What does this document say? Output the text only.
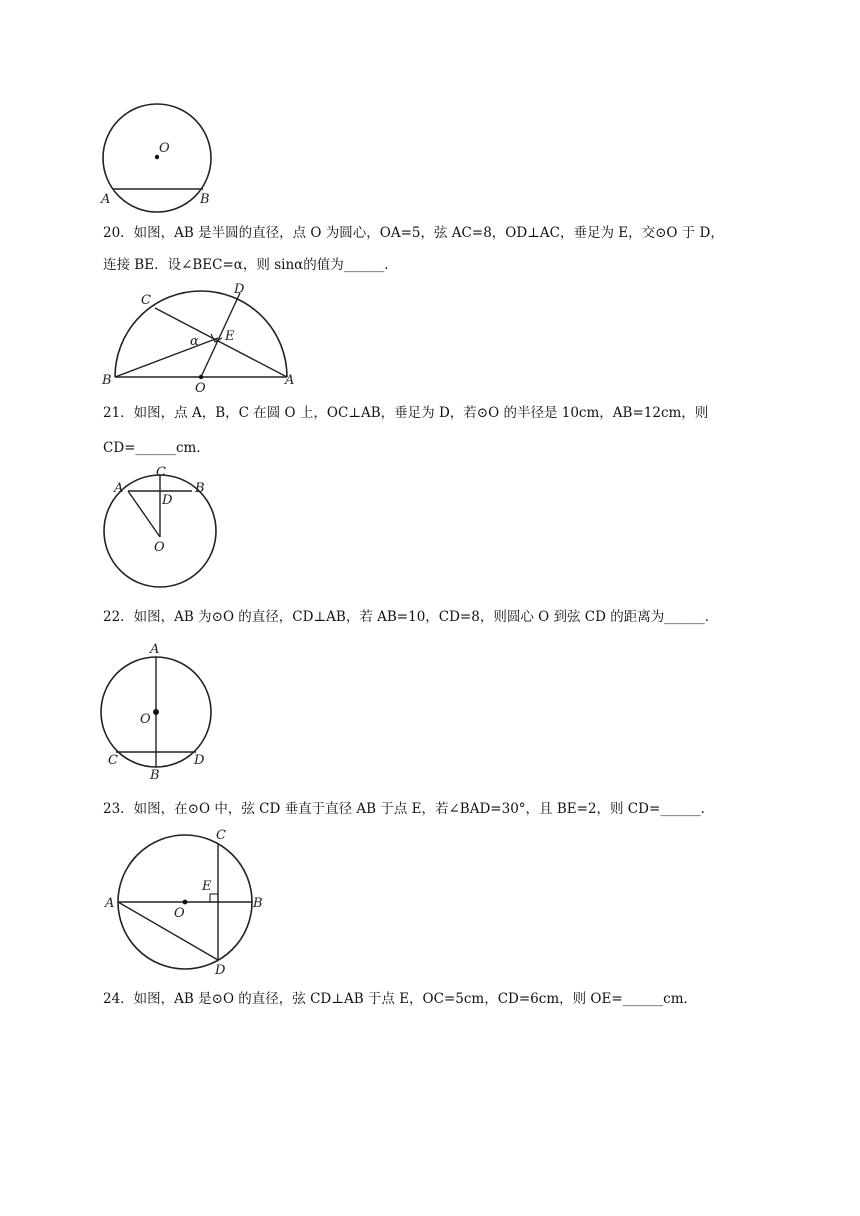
O
A	B
20．如图，AB 是半圆的直径，点 O 为圆心，OA=5，弦 AC=8，OD⊥AC，垂足为 E，交⊙O 于 D，
连接 BE．设∠BEC=α，则 sinα的值为______．
C
D
E
α
B
O
A
21．如图，点 A，B，C 在圆 O 上，OC⊥AB，垂足为 D，若⊙O 的半径是 10cm，AB=12cm，则
CD=______cm．
A
C
B
D
O
22．如图，AB 为⊙O 的直径，CD⊥AB，若 AB=10，CD=8，则圆心 O 到弦 CD 的距离为______．
A
O
C
B
D
23．如图，在⊙O 中，弦 CD 垂直于直径 AB 于点 E，若∠BAD=30°，且 BE=2，则 CD=______．
C
E
A
O
B
D
24．如图，AB 是⊙O 的直径，弦 CD⊥AB 于点 E，OC=5cm，CD=6cm，则 OE=______cm．
